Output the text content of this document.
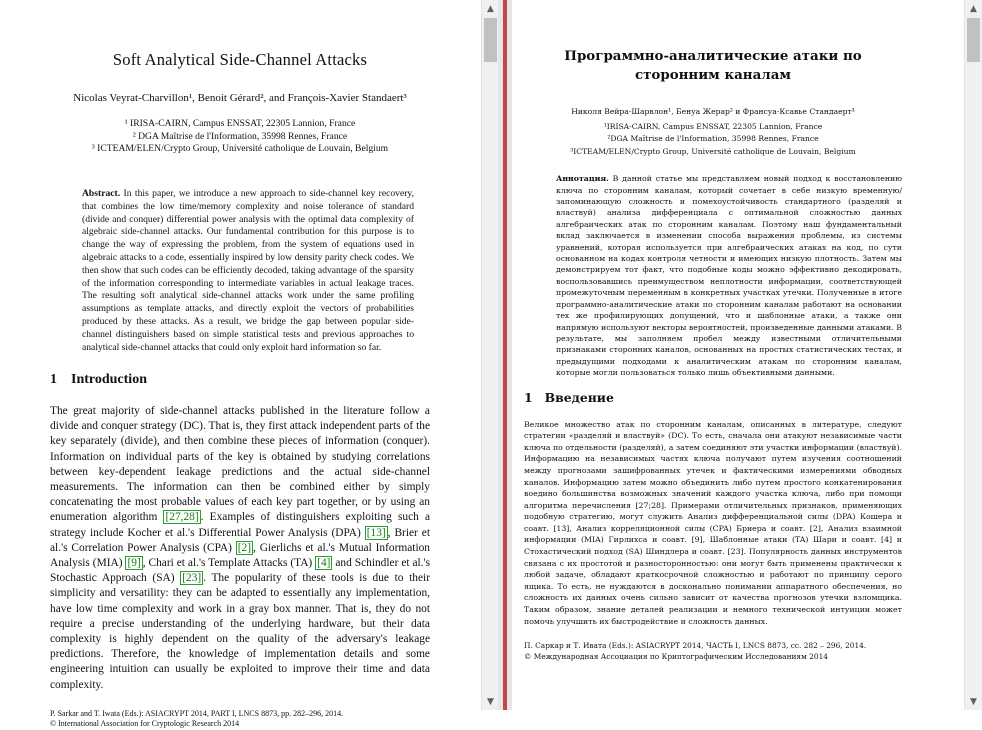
Soft Analytical Side-Channel Attacks
Nicolas Veyrat-Charvillon¹, Benoit Gérard², and François-Xavier Standaert³
¹ IRISA-CAIRN, Campus ENSSAT, 22305 Lannion, France
² DGA Maîtrise de l'Information, 35998 Rennes, France
³ ICTEAM/ELEN/Crypto Group, Université catholique de Louvain, Belgium
Abstract. In this paper, we introduce a new approach to side-channel key recovery, that combines the low time/memory complexity and noise tolerance of standard (divide and conquer) differential power analysis with the optimal data complexity of algebraic side-channel attacks. Our fundamental contribution for this purpose is to change the way of expressing the problem, from the system of equations used in algebraic attacks to a code, essentially inspired by low density parity check codes. We then show that such codes can be efficiently decoded, taking advantage of the sparsity of the information corresponding to intermediate variables in actual leakage traces. The resulting soft analytical side-channel attacks work under the same profiling assumptions as template attacks, and directly exploit the vectors of probabilities produced by these attacks. As a result, we bridge the gap between popular side-channel distinguishers based on simple statistical tests and previous approaches to analytical side-channel attacks that could only exploit hard information so far.
1 Introduction
The great majority of side-channel attacks published in the literature follow a divide and conquer strategy (DC). That is, they first attack independent parts of the key separately (divide), and then combine these pieces of information (conquer). Information on individual parts of the key is obtained by studying correlations between key-dependent leakage predictions and the actual side-channel measurements. The information can then be combined either by simply concatenating the most probable values of each key part together, or by using an enumeration algorithm [27,28] . Examples of distinguishers exploiting such a strategy include Kocher et al.'s Differential Power Analysis (DPA) [13] , Brier et al.'s Correlation Power Analysis (CPA) [2] , Gierlichs et al.'s Mutual Information Analysis (MIA) [9] , Chari et al.'s Template Attacks (TA) [4] and Schindler et al.'s Stochastic Approach (SA) [23] . The popularity of these tools is due to their simplicity and versatility: they can be adapted to essentially any implementation, have low time complexity and work in a gray box manner. That is, they do not require a precise understanding of the underlying hardware, but their data complexity is highly dependent on the quality of the adversary's leakage predictions. Therefore, the knowledge of implementation details and some engineering intuition can usually be exploited to improve their time and data complexity.
P. Sarkar and T. Iwata (Eds.): ASIACRYPT 2014, PART I, LNCS 8873, pp. 282–296, 2014.
© International Association for Cryptologic Research 2014
▲
▼
Программно-аналитические атаки по сторонним каналам
Николя Вейра-Шарвлон¹, Бенуа Жерар² и Франсуа-Ксавье Стандаерт³
¹IRISA-CAIRN, Campus ENSSAT, 22305 Lannion, France
²DGA Maîtrise de l'Information, 35998 Rennes, France
³ICTEAM/ELEN/Crypto Group, Université catholique de Louvain, Belgium
Аннотация. В данной статье мы представляем новый подход к восстановлению ключа по сторонним каналам, который сочетает в себе низкую временную/запоминающую сложность и помехоустойчивость стандартного (разделяй и властвуй) анализа дифференциала с оптимальной сложностью данных алгебраических атак по сторонним каналам. Поэтому наш фундаментальный вклад заключается в изменении способа выражения проблемы, из системы уравнений, которая используется при алгебраических атаках на код, по сути основанном на кодах контроля четности и имеющих низкую плотность. Затем мы демонстрируем тот факт, что подобные коды можно эффективно декодировать, воспользовавшись преимуществом неплотности информации, соответствующей промежуточным переменным в конкретных участках утечки. Полученные в итоге программно-аналитические атаки по сторонним каналам работают на основании тех же профилирующих допущений, что и шаблонные атаки, а также они напрямую используют векторы вероятностей, произведенные данными атаками. В результате, мы заполняем пробел между известными отличительными признаками сторонних каналов, основанных на простых статистических тестах, и предыдущими подходами к аналитическим атакам по сторонним каналам, которые могли пользоваться только лишь объективными данными.
1 Введение
Великое множество атак по сторонним каналам, описанных в литературе, следуют стратегии «разделяй и властвуй» (DC). То есть, сначала они атакуют независимые части ключа по отдельности (разделяй), а затем соединяют эти участки информации (властвуй). Информацию на независимых частях ключа получают путем изучения соотношений между прогнозами зашифрованных утечек и фактическими измерениями обводных каналов. Информацию затем можно объединить либо путем простого конкатенирования воедино большинства возможных значений каждого участка ключа, либо при помощи алгоритма перечисления [27;28]. Примерами отличительных признаков, применяющих подобную стратегию, могут служить Анализ дифференциальной силы (DPA) Кошера и соавт. [13], Анализ корреляционной силы (CPA) Бриера и соавт. [2], Анализ взаимной информации (MIA) Гирлихса и соавт. [9], Шаблонные атаки (TA) Шари и соавт. [4] и Стохастический подход (SA) Шиндлера и соавт. [23]. Популярность данных инструментов связана с их простотой и разносторонностью: они могут быть применены практически к любой задаче, обладают краткосрочной сложностью и работают по принципу серого ящика. То есть, не нуждаются в досконально понимании аппаратного обеспечения, но сложность их данных очень сильно зависит от качества прогнозов утечки взломщика. Таким образом, знание деталей реализации и немного технической интуиции может помочь улучшить их быстродействие и сложность данных.
П. Саркар и Т. Ивата (Eds.): ASIACRYPT 2014, ЧАСТЬ I, LNCS 8873, сс. 282 – 296, 2014.
© Международная Ассоциация по Криптографическим Исследованиям 2014
▲
▼
